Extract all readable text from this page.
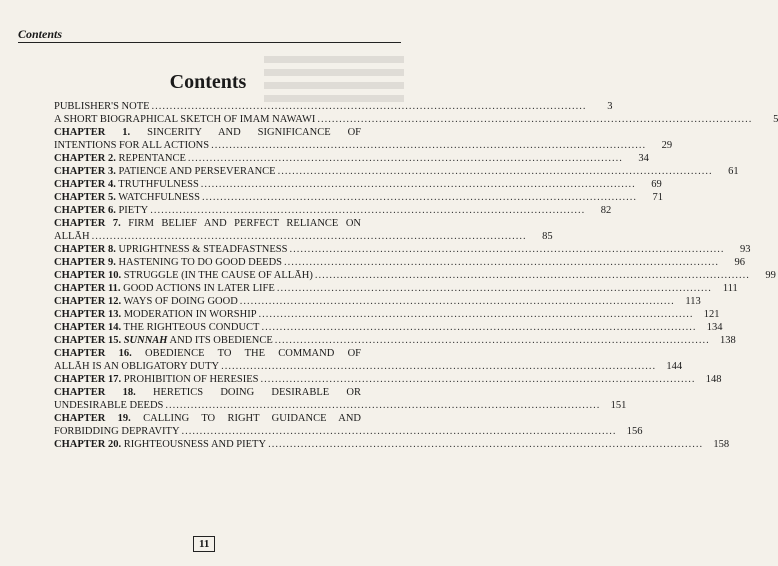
Contents
Contents
PUBLISHER'S NOTE ........................................................................................................................	3
A SHORT BIOGRAPHICAL SKETCH OF IMAM NAWAWI ........................................................................................................................	5
CHAPTER 1. SINCERITY AND SIGNIFICANCE OF
INTENTIONS FOR ALL ACTIONS ........................................................................................................................	29
CHAPTER 2. REPENTANCE ........................................................................................................................	34
CHAPTER 3. PATIENCE AND PERSEVERANCE ........................................................................................................................	61
CHAPTER 4. TRUTHFULNESS ........................................................................................................................	69
CHAPTER 5. WATCHFULNESS ........................................................................................................................	71
CHAPTER 6. PIETY ........................................................................................................................	82
CHAPTER 7. FIRM BELIEF AND PERFECT RELIANCE ON
ALLĀH ........................................................................................................................	85
CHAPTER 8. UPRIGHTNESS & STEADFASTNESS ........................................................................................................................	93
CHAPTER 9. HASTENING TO DO GOOD DEEDS ........................................................................................................................	96
CHAPTER 10. STRUGGLE (IN THE CAUSE OF ALLĀH) ........................................................................................................................	99
CHAPTER 11. GOOD ACTIONS IN LATER LIFE ........................................................................................................................	111
CHAPTER 12. WAYS OF DOING GOOD ........................................................................................................................	113
CHAPTER 13. MODERATION IN WORSHIP ........................................................................................................................ 121
CHAPTER 14. THE RIGHTEOUS CONDUCT ........................................................................................................................ 134
CHAPTER 15. SUNNAH AND ITS OBEDIENCE ........................................................................................................................ 138
CHAPTER 16. OBEDIENCE TO THE COMMAND OF
ALLĀH IS AN OBLIGATORY DUTY ........................................................................................................................ 144
CHAPTER 17. PROHIBITION OF HERESIES ........................................................................................................................ 148
CHAPTER 18. HERETICS DOING DESIRABLE OR
UNDESIRABLE DEEDS ........................................................................................................................ 151
CHAPTER 19. CALLING TO RIGHT GUIDANCE AND
FORBIDDING DEPRAVITY ........................................................................................................................ 156
CHAPTER 20. RIGHTEOUSNESS AND PIETY ........................................................................................................................ 158
11
